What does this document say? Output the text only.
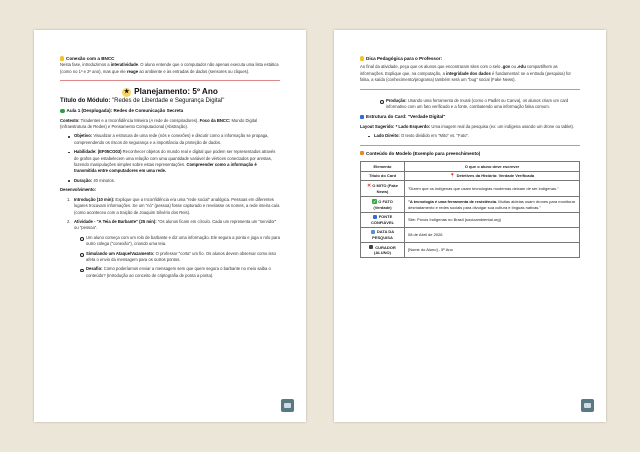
Conexão com a BNCC
Nesta fase, introduzimos a interatividade. O aluno entende que o computador não apenas executa uma lista estática (como no 1º e 2º ano), mas que ele reage ao ambiente e às entradas de dados (sensores ou cliques).
★ Planejamento: 5º Ano
Título do Módulo: "Redes de Liberdade e Segurança Digital"
Aula 1 (Desplugada): Redes de Comunicação Secreta
Contexto: Tiradentes e a Inconfidência Mineira (A rede de conspiradores). Foco da BNCC: Mundo Digital (Infraestrutura de Redes) e Pensamento Computacional (Abstração).
Objetivo: Visualizar a estrutura de uma rede (nós e conexões) e discutir como a informação se propaga, compreendendo os riscos de segurança e a importância da proteção de dados.
Habilidade: (EF05CO03) Reconhecer objetos do mundo real e digital que podem ser representados através de grafos que estabelecem uma relação com uma quantidade variável de vértices conectados por arestas, fazendo manipulações simples sobre estas representações. Compreender como a informação é transmitida entre computadores em uma rede.
Duração: 40 minutos.
Desenvolvimento:
1. Introdução (10 min): Explique que a Inconfidência era uma "rede social" analógica. Pessoas em diferentes lugares trocavam informações. Se um "nó" (pessoa) fosse capturado e revelasse os nomes, a rede inteira caía (como aconteceu com a traição de Joaquim Silvério dos Reis).
2. Atividade - "A Teia de Barbante" (25 min): "Os alunos ficam em círculo. Cada um representa um "servidor" ou "pessoa".
Um aluno começa com um rolo de barbante e diz uma informação. Ele segura a ponta e joga o rolo para outro colega ("conexão"), criando uma teia.
Simulando um Ataque/Vazamento: O professor "corta" um fio. Os alunos devem observar como isso afeta o envio da mensagem para os outros pontos.
Desafio: Como poderíamos enviar a mensagem sem que quem segura o barbante no meio saiba o conteúdo? (Introdução ao conceito de criptografia de ponta a ponta).
Dica Pedagógica para o Professor:
Ao final da atividade, peça que os alunos que encontraram sites com o selo .gov ou .edu compartilhem as informações. Explique que, na computação, a integridade dos dados é fundamental: se a entrada (pesquisa) for falsa, a saída (conhecimento/programa) também será um "bug" social (Fake News).
Produção: Usando uma ferramenta de mural (como o Padlet ou Canva), os alunos criam um card informativo com um fato verificado e a fonte, combatendo uma informação falsa comum.
Estrutura do Card: "Verdade Digital"
Layout Sugerido: * Lado Esquerdo: Uma imagem real da pesquisa (ex: um indígena usando um drone ou tablet).
Lado Direito: O texto dividido em "Mito" vs. "Fato".
Conteúdo do Modelo (Exemplo para preenchimento)
Elemento	O que o aluno deve escrever
Título do Card	📍 Detetives da História: Verdade Verificada
✕ O MITO (Fake News)	"Dizem que os indígenas que usam tecnologias modernas deixam de ser indígenas."
✓ O FATO (Verdade)	"A tecnologia é uma ferramenta de resistência. Muitas aldeias usam drones para monitorar desmatamento e redes sociais para divulgar sua cultura e línguas nativas."
FONTE CONFIÁVEL	Site: Povos Indígenas no Brasil (socioambiental.org)
DATA DA PESQUISA	08 de Abril de 2026
CURADOR (ALUNO)	[Nome do Aluno] - 5º Ano
